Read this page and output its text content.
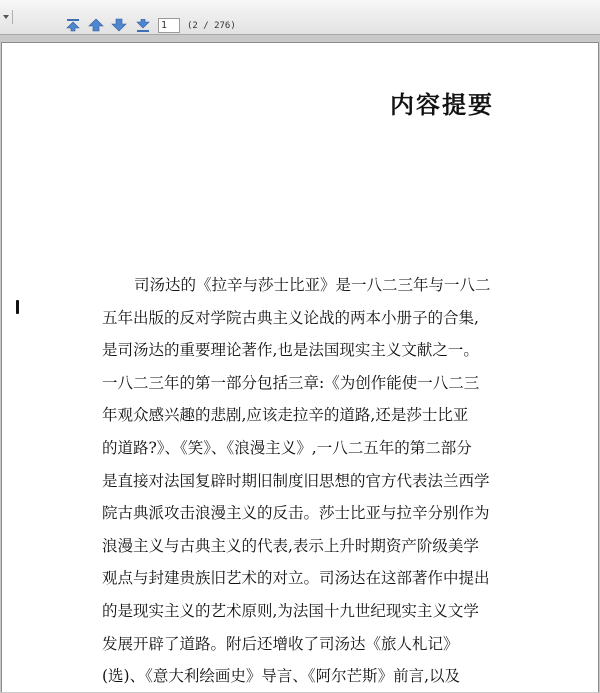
1	(2 / 276)
内容提要
司汤达的《拉辛与莎士比亚》是一八二三年与一八二
五年出版的反对学院古典主义论战的两本小册子的合集,
是司汤达的重要理论著作,也是法国现实主义文献之一。
一八二三年的第一部分包括三章:《为创作能使一八二三
年观众感兴趣的悲剧,应该走拉辛的道路,还是莎士比亚
的道路?》、《笑》、《浪漫主义》,一八二五年的第二部分
是直接对法国复辟时期旧制度旧思想的官方代表法兰西学
院古典派攻击浪漫主义的反击。莎士比亚与拉辛分别作为
浪漫主义与古典主义的代表,表示上升时期资产阶级美学
观点与封建贵族旧艺术的对立。司汤达在这部著作中提出
的是现实主义的艺术原则,为法国十九世纪现实主义文学
发展开辟了道路。附后还增收了司汤达《旅人札记》
(选)、《意大利绘画史》导言、《阿尔芒斯》前言,以及
